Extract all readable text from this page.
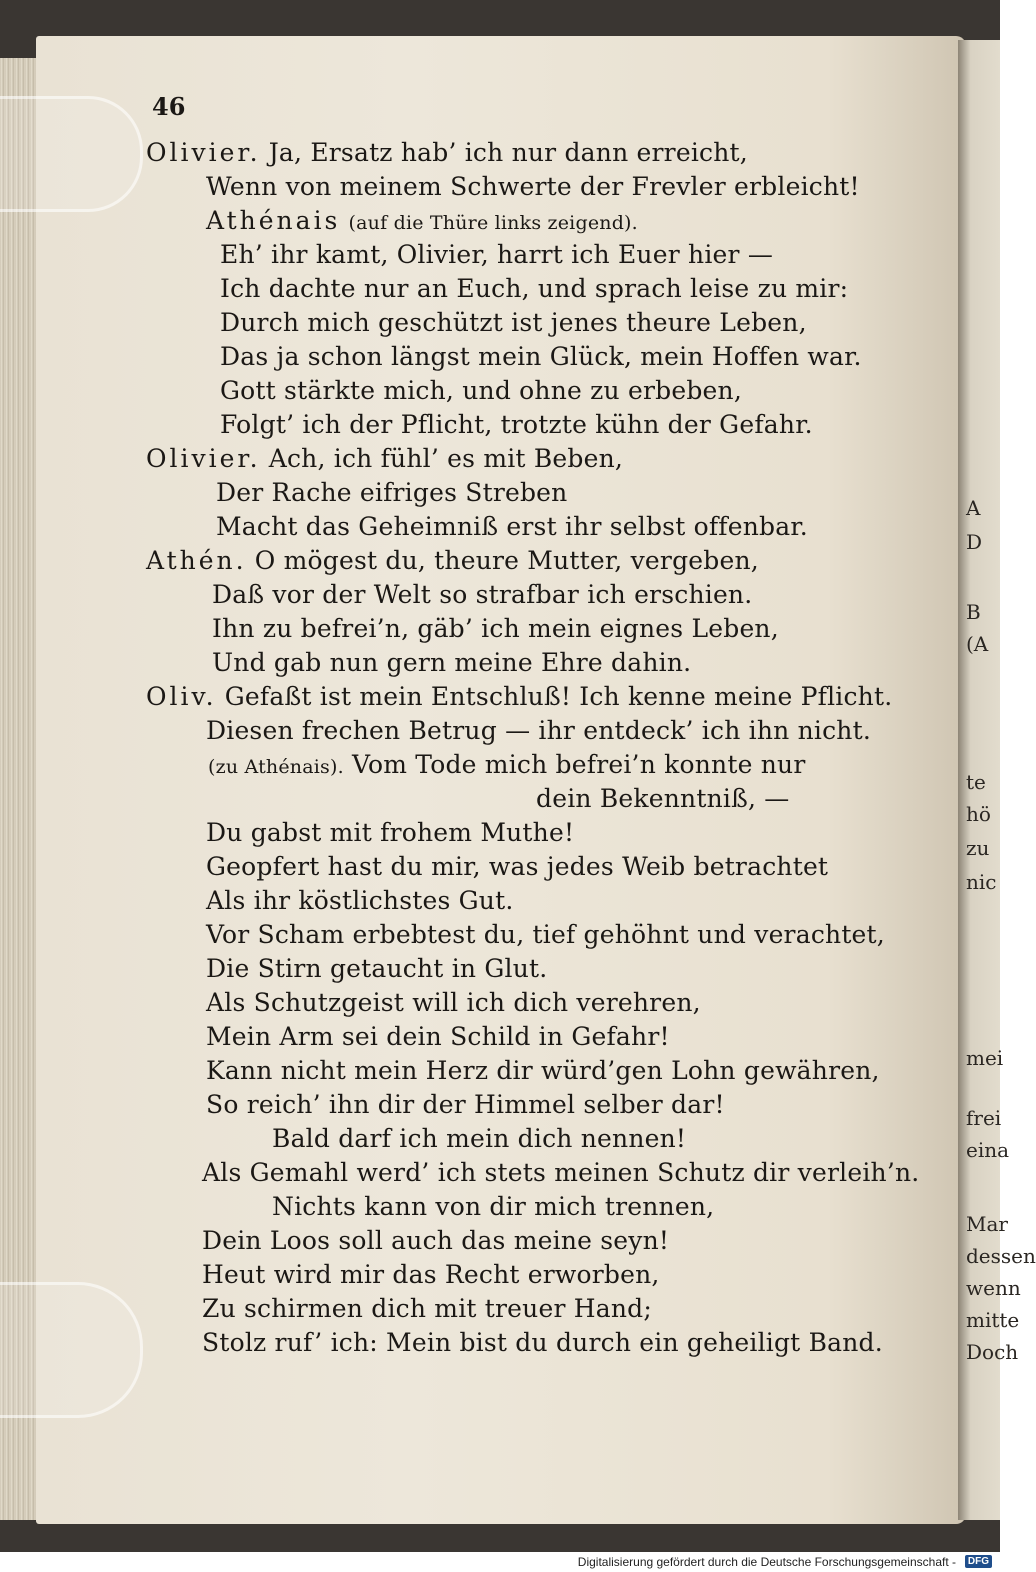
A
D
B
(A
te
hö
zu
nic
mei
frei
eina
Mar
dessen
wenn
mitte
Doch
46
Olivier. Ja, Ersatz hab’ ich nur dann erreicht,
Wenn von meinem Schwerte der Frevler erbleicht!
Athénais (auf die Thüre links zeigend).
Eh’ ihr kamt, Olivier, harrt ich Euer hier —
Ich dachte nur an Euch, und sprach leise zu mir:
Durch mich geschützt ist jenes theure Leben,
Das ja schon längst mein Glück, mein Hoffen war.
Gott stärkte mich, und ohne zu erbeben,
Folgt’ ich der Pflicht, trotzte kühn der Gefahr.
Olivier. Ach, ich fühl’ es mit Beben,
Der Rache eifriges Streben
Macht das Geheimniß erst ihr selbst offenbar.
Athén. O mögest du, theure Mutter, vergeben,
Daß vor der Welt so strafbar ich erschien.
Ihn zu befrei’n, gäb’ ich mein eignes Leben,
Und gab nun gern meine Ehre dahin.
Oliv. Gefaßt ist mein Entschluß! Ich kenne meine Pflicht.
Diesen frechen Betrug — ihr entdeck’ ich ihn nicht.
(zu Athénais). Vom Tode mich befrei’n konnte nur
dein Bekenntniß, —
Du gabst mit frohem Muthe!
Geopfert hast du mir, was jedes Weib betrachtet
Als ihr köstlichstes Gut.
Vor Scham erbebtest du, tief gehöhnt und verachtet,
Die Stirn getaucht in Glut.
Als Schutzgeist will ich dich verehren,
Mein Arm sei dein Schild in Gefahr!
Kann nicht mein Herz dir würd’gen Lohn gewähren,
So reich’ ihn dir der Himmel selber dar!
Bald darf ich mein dich nennen!
Als Gemahl werd’ ich stets meinen Schutz dir verleih’n.
Nichts kann von dir mich trennen,
Dein Loos soll auch das meine seyn!
Heut wird mir das Recht erworben,
Zu schirmen dich mit treuer Hand;
Stolz ruf’ ich: Mein bist du durch ein geheiligt Band.
Digitalisierung gefördert durch die Deutsche Forschungsgemeinschaft -	DFG
